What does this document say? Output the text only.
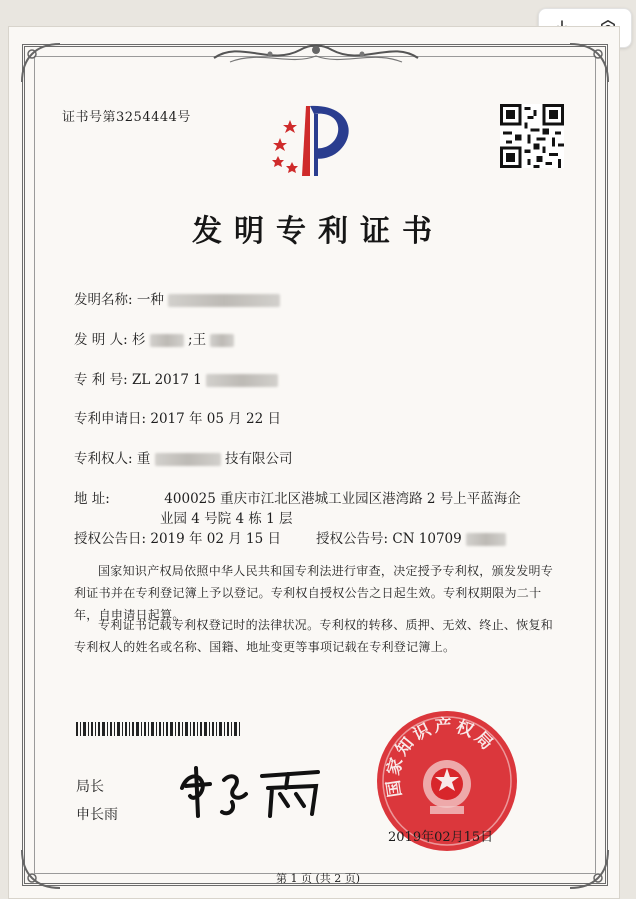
证书号第3254444号
发明专利证书
发明名称: 一种
发 明 人: 杉	;王
专 利 号: ZL 2017 1
专利申请日: 2017 年 05 月 22 日
专利权人: 重	技有限公司
地 址:	400025 重庆市江北区港城工业园区港湾路 2 号上平蓝海企
业园 4 号院 4 栋 1 层
授权公告日: 2019 年 02 月 15 日	授权公告号: CN 10709

国家知识产权局依照中华人民共和国专利法进行审查，决定授予专利权，颁发发明专利证书并在专利登记簿上予以登记。专利权自授权公告之日起生效。专利权期限为二十年，自申请日起算。

专利证书记载专利权登记时的法律状况。专利权的转移、质押、无效、终止、恢复和专利权人的姓名或名称、国籍、地址变更等事项记载在专利登记簿上。

局长
申长雨
国家知识产权局
2019年02月15日
第 1 页 (共 2 页)
